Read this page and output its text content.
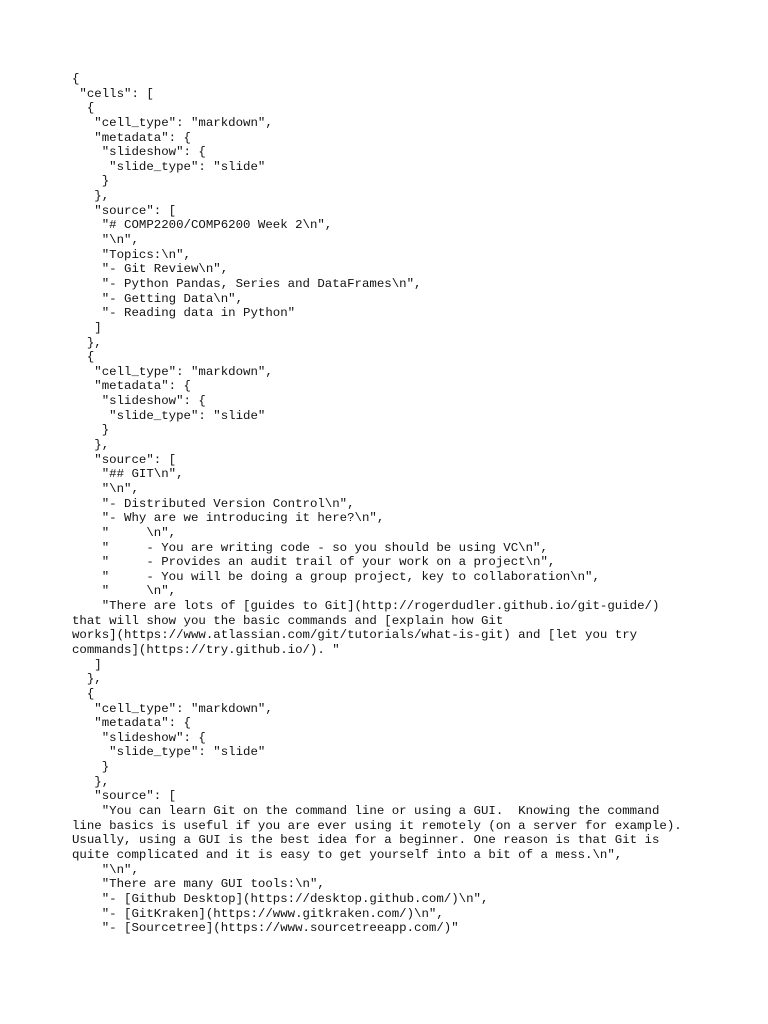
{
"cells": [
{
"cell_type": "markdown",
"metadata": {
"slideshow": {
"slide_type": "slide"
}
},
"source": [
"# COMP2200/COMP6200 Week 2\n",
"\n",
"Topics:\n",
"- Git Review\n",
"- Python Pandas, Series and DataFrames\n",
"- Getting Data\n",
"- Reading data in Python"
]
},
{
"cell_type": "markdown",
"metadata": {
"slideshow": {
"slide_type": "slide"
}
},
"source": [
"## GIT\n",
"\n",
"- Distributed Version Control\n",
"- Why are we introducing it here?\n",
"     \n",
"     - You are writing code - so you should be using VC\n",
"     - Provides an audit trail of your work on a project\n",
"     - You will be doing a group project, key to collaboration\n",
"     \n",
"There are lots of [guides to Git](http://rogerdudler.github.io/git-guide/)
that will show you the basic commands and [explain how Git
works](https://www.atlassian.com/git/tutorials/what-is-git) and [let you try
commands](https://try.github.io/). "
]
},
{
"cell_type": "markdown",
"metadata": {
"slideshow": {
"slide_type": "slide"
}
},
"source": [
"You can learn Git on the command line or using a GUI.  Knowing the command
line basics is useful if you are ever using it remotely (on a server for example).
Usually, using a GUI is the best idea for a beginner. One reason is that Git is
quite complicated and it is easy to get yourself into a bit of a mess.\n",
"\n",
"There are many GUI tools:\n",
"- [Github Desktop](https://desktop.github.com/)\n",
"- [GitKraken](https://www.gitkraken.com/)\n",
"- [Sourcetree](https://www.sourcetreeapp.com/)"
